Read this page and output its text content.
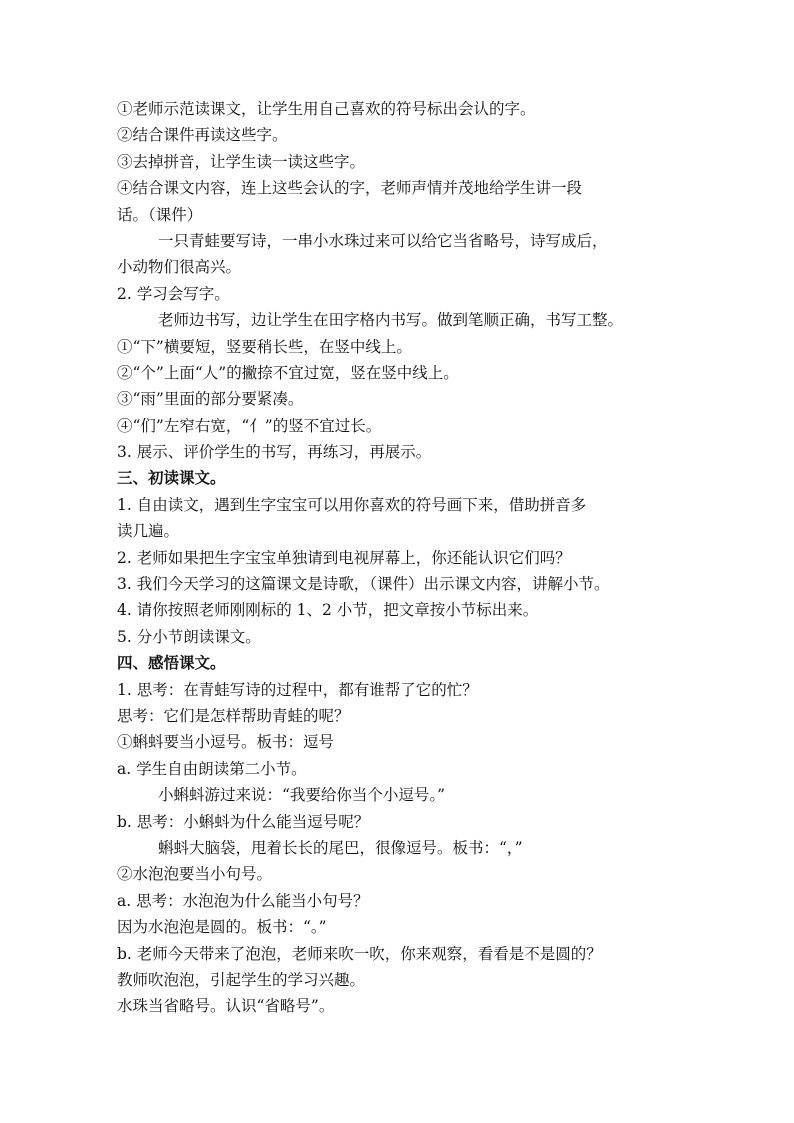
①老师示范读课文，让学生用自己喜欢的符号标出会认的字。

②结合课件再读这些字。

③去掉拼音，让学生读一读这些字。

④结合课文内容，连上这些会认的字，老师声情并茂地给学生讲一段

话。（课件）

一只青蛙要写诗，一串小水珠过来可以给它当省略号，诗写成后，

小动物们很高兴。

2. 学习会写字。

老师边书写，边让学生在田字格内书写。做到笔顺正确，书写工整。

①“下”横要短，竖要稍长些，在竖中线上。

②“个”上面“人”的撇捺不宜过宽，竖在竖中线上。

③“雨”里面的部分要紧凑。

④“们”左窄右宽，“亻”的竖不宜过长。

3. 展示、评价学生的书写，再练习，再展示。

三、初读课文。

1. 自由读文，遇到生字宝宝可以用你喜欢的符号画下来，借助拼音多

读几遍。

2. 老师如果把生字宝宝单独请到电视屏幕上，你还能认识它们吗？

3. 我们今天学习的这篇课文是诗歌，（课件）出示课文内容，讲解小节。

4. 请你按照老师刚刚标的 1、2 小节，把文章按小节标出来。

5. 分小节朗读课文。

四、感悟课文。

1. 思考：在青蛙写诗的过程中，都有谁帮了它的忙？

思考：它们是怎样帮助青蛙的呢？

①蝌蚪要当小逗号。板书：逗号

a. 学生自由朗读第二小节。

小蝌蚪游过来说：“我要给你当个小逗号。”

b. 思考：小蝌蚪为什么能当逗号呢？

蝌蚪大脑袋，甩着长长的尾巴，很像逗号。板书：“，”

②水泡泡要当小句号。

a. 思考：水泡泡为什么能当小句号？

因为水泡泡是圆的。板书：“。”

b. 老师今天带来了泡泡，老师来吹一吹，你来观察，看看是不是圆的？

教师吹泡泡，引起学生的学习兴趣。

水珠当省略号。认识“省略号”。
